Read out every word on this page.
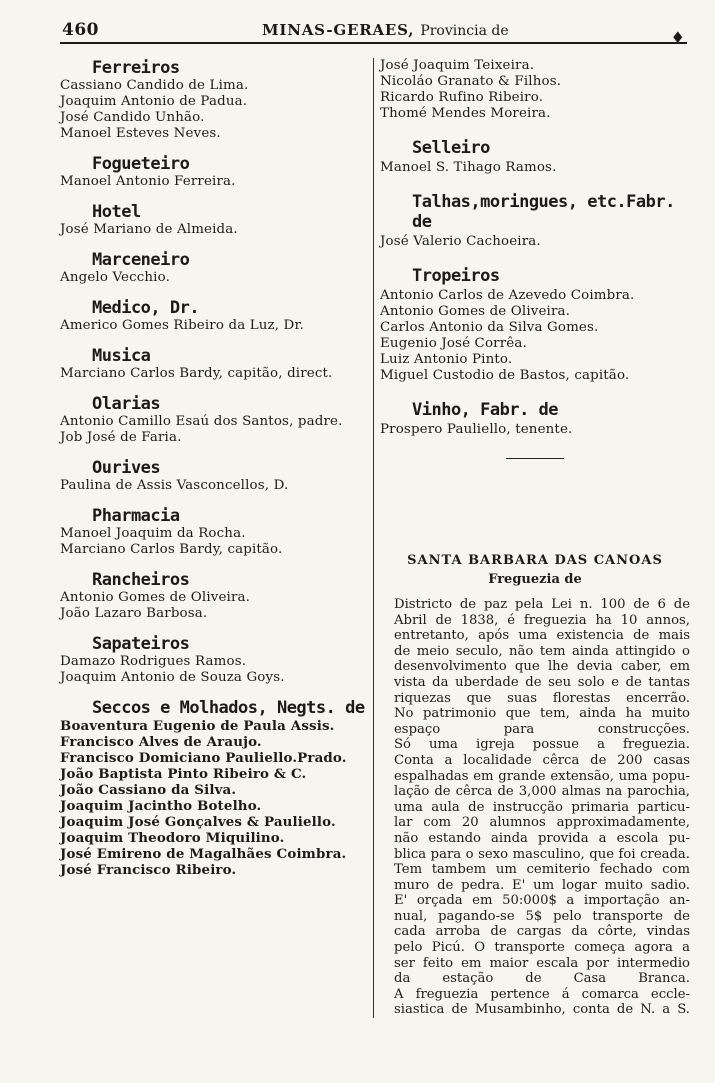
460	MINAS-GERAES, Provincia de	♦
Ferreiros
Cassiano Candido de Lima.
Joaquim Antonio de Padua.
José Candido Unhão.
Manoel Esteves Neves.
Fogueteiro
Manoel Antonio Ferreira.
Hotel
José Mariano de Almeida.
Marceneiro
Angelo Vecchio.
Medico, Dr.
Americo Gomes Ribeiro da Luz, Dr.
Musica
Marciano Carlos Bardy, capitão, direct.
Olarias
Antonio Camillo Esaú dos Santos, padre.
Job José de Faria.
Ourives
Paulina de Assis Vasconcellos, D.
Pharmacia
Manoel Joaquim da Rocha.
Marciano Carlos Bardy, capitão.
Rancheiros
Antonio Gomes de Oliveira.
João Lazaro Barbosa.
Sapateiros
Damazo Rodrigues Ramos.
Joaquim Antonio de Souza Goys.
Seccos e Molhados, Negts. de
Boaventura Eugenio de Paula Assis.
Francisco Alves de Araujo.
Francisco Domiciano Pauliello.Prado.
João Baptista Pinto Ribeiro & C.
João Cassiano da Silva.
Joaquim Jacintho Botelho.
Joaquim José Gonçalves & Pauliello.
Joaquim Theodoro Miquilino.
José Emireno de Magalhães Coimbra.
José Francisco Ribeiro.
José Joaquim Teixeira.
Nicoláo Granato & Filhos.
Ricardo Rufino Ribeiro.
Thomé Mendes Moreira.
Selleiro
Manoel S. Tihago Ramos.
Talhas,moringues, etc.Fabr. de
José Valerio Cachoeira.
Tropeiros
Antonio Carlos de Azevedo Coimbra.
Antonio Gomes de Oliveira.
Carlos Antonio da Silva Gomes.
Eugenio José Corrêa.
Luiz Antonio Pinto.
Miguel Custodio de Bastos, capitão.
Vinho, Fabr. de
Prospero Pauliello, tenente.
SANTA BARBARA DAS CANOAS
Freguezia de
Districto de paz pela Lei n. 100 de 6 de
Abril de 1838, é freguezia ha 10 annos,
entretanto, após uma existencia de mais
de meio seculo, não tem ainda attingido o
desenvolvimento que lhe devia caber, em
vista da uberdade de seu solo e de tantas
riquezas que suas florestas encerrão.
No patrimonio que tem, ainda ha muito
espaço para construcções.
Só uma igreja possue a freguezia.
Conta a localidade cêrca de 200 casas
espalhadas em grande extensão, uma popu-
lação de cêrca de 3,000 almas na parochia,
uma aula de instrucção primaria particu-
lar com 20 alumnos approximadamente,
não estando ainda provida a escola pu-
blica para o sexo masculino, que foi creada.
Tem tambem um cemiterio fechado com
muro de pedra. E' um logar muito sadio.
E' orçada em 50:000$ a importação an-
nual, pagando-se 5$ pelo transporte de
cada arroba de cargas da côrte, vindas
pelo Picú. O transporte começa agora a
ser feito em maior escala por intermedio
da estação de Casa Branca.
A freguezia pertence á comarca eccle-
siastica de Musambinho, conta de N. a S.
